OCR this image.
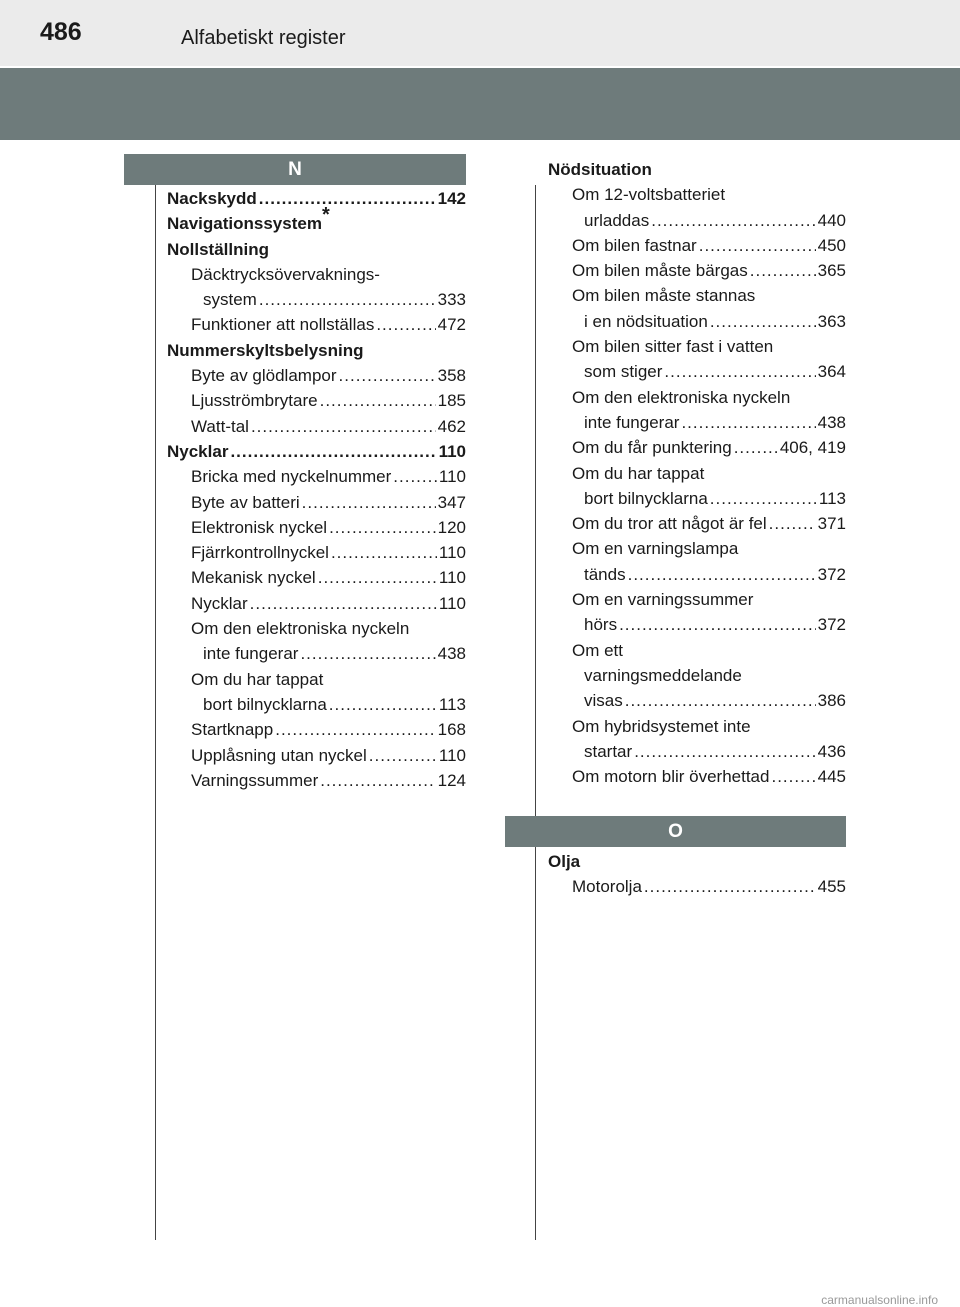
486	Alfabetiskt register
N
Nackskydd .....	142
Navigationssystem *
Nollställning
Däcktrycksövervaknings-
system .....	333
Funktioner att nollställas .....	472
Nummerskyltsbelysning
Byte av glödlampor .....	358
Ljusströmbrytare .....	185
Watt-tal .....	462
Nycklar .....	110
Bricka med nyckelnummer .....	110
Byte av batteri .....	347
Elektronisk nyckel .....	120
Fjärrkontrollnyckel .....	110
Mekanisk nyckel .....	110
Nycklar .....	110
Om den elektroniska nyckeln
inte fungerar .....	438
Om du har tappat
bort bilnycklarna .....	113
Startknapp .....	168
Upplåsning utan nyckel .....	110
Varningssummer .....	124
Nödsituation
Om 12-voltsbatteriet
urladdas .....	440
Om bilen fastnar .....	450
Om bilen måste bärgas .....	365
Om bilen måste stannas
i en nödsituation .....	363
Om bilen sitter fast i vatten
som stiger .....	364
Om den elektroniska nyckeln
inte fungerar .....	438
Om du får punktering .....	406, 419
Om du har tappat
bort bilnycklarna .....	113
Om du tror att något är fel .....	371
Om en varningslampa
tänds .....	372
Om en varningssummer
hörs .....	372
Om ett
varningsmeddelande
visas .....	386
Om hybridsystemet inte
startar .....	436
Om motorn blir överhettad .....	445
O
Olja
Motorolja .....	455
carmanualsonline.info
